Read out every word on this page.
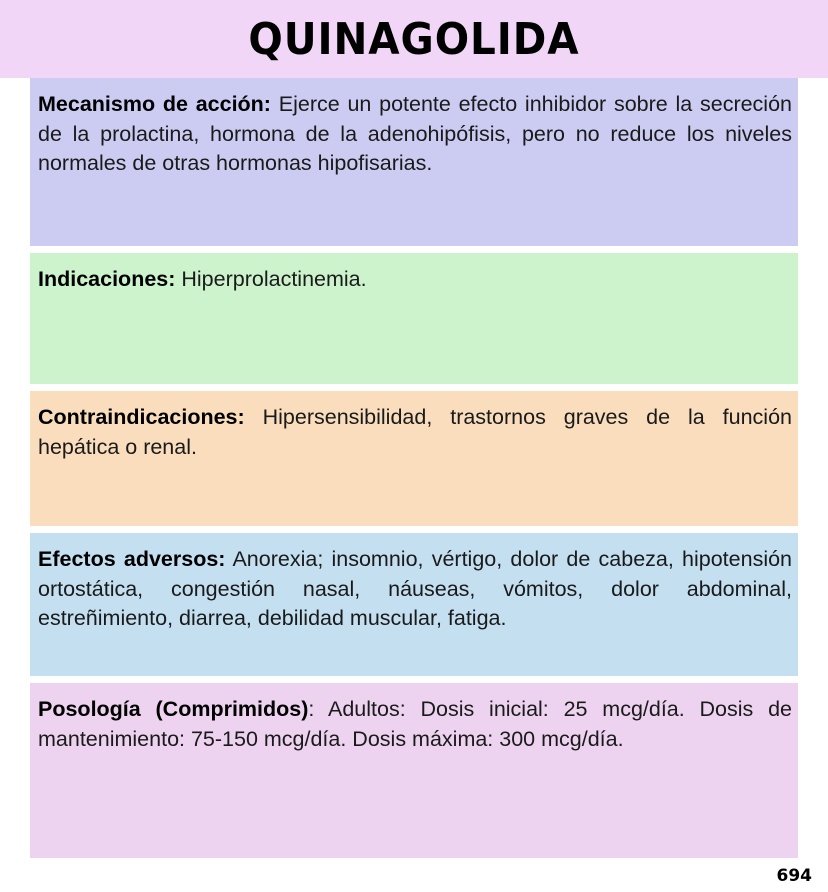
QUINAGOLIDA
Mecanismo de acción: Ejerce un potente efecto inhibidor sobre la secreción de la prolactina, hormona de la adenohipófisis, pero no reduce los niveles normales de otras hormonas hipofisarias.
Indicaciones: Hiperprolactinemia.
Contraindicaciones: Hipersensibilidad, trastornos graves de la función hepática o renal.
Efectos adversos: Anorexia; insomnio, vértigo, dolor de cabeza, hipotensión ortostática, congestión nasal, náuseas, vómitos, dolor abdominal, estreñimiento, diarrea, debilidad muscular, fatiga.
Posología (Comprimidos): Adultos: Dosis inicial: 25 mcg/día. Dosis de mantenimiento: 75-150 mcg/día. Dosis máxima: 300 mcg/día.
694
